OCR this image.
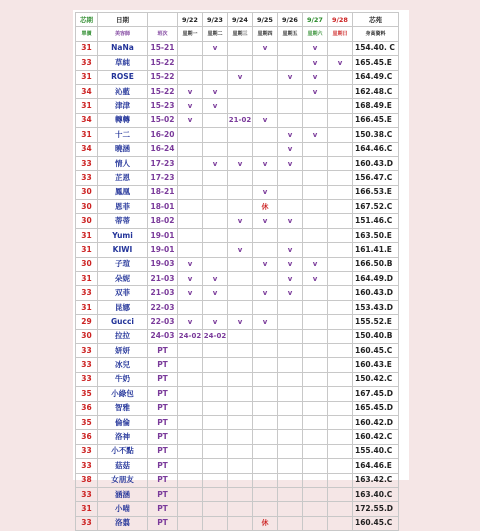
芯期	日期		9/22	9/23	9/24	9/25	9/26	9/27	9/28	芯苑
單價	美容師	班次	星期一	星期二	星期三	星期四	星期五	星期六	星期日	身高資料
31	NaNa	15-21		v		v		v		154.40. C
33	草純	15-22						v	v	165.45.E
31	ROSE	15-22			v		v	v		164.49.C
34	沁藍	15-22	v	v				v		162.48.C
31	津津	15-23	v	v						168.49.E
34	轉轉	15-02	v		21-02	v				166.45.E
31	十二	16-20					v	v		150.38.C
34	曉涵	16-24					v			164.46.C
33	情人	17-23		v	v	v	v			160.43.D
33	芷恩	17-23								156.47.C
30	鳳凰	18-21				v				166.53.E
30	恩菲	18-01				休				167.52.C
30	蒂蒂	18-02			v	v	v			151.46.C
31	Yumi	19-01								163.50.E
31	KIWI	19-01			v		v			161.41.E
30	子瑄	19-03	v			v	v	v		166.50.B
31	朵妮	21-03	v	v			v	v		164.49.D
33	双菲	21-03	v	v		v	v			160.43.D
31	昆娜	22-03								153.43.D
29	Gucci	22-03	v	v	v	v				155.52.E
30	拉拉	24-03	24-02	24-02						150.40.B
33	妍妍	PT								160.45.C
33	冰兒	PT								160.43.E
33	牛奶	PT								150.42.C
35	小綠包	PT								167.45.D
36	智雅	PT								165.45.D
35	倫倫	PT								160.42.D
36	洛神	PT								160.42.C
33	小不點	PT								155.40.C
33	菇菇	PT								164.46.E
38	女朋友	PT								163.42.C
33	涵涵	PT								163.40.C
31	小喵	PT								172.55.D
33	洛翦	PT				休				160.45.C
